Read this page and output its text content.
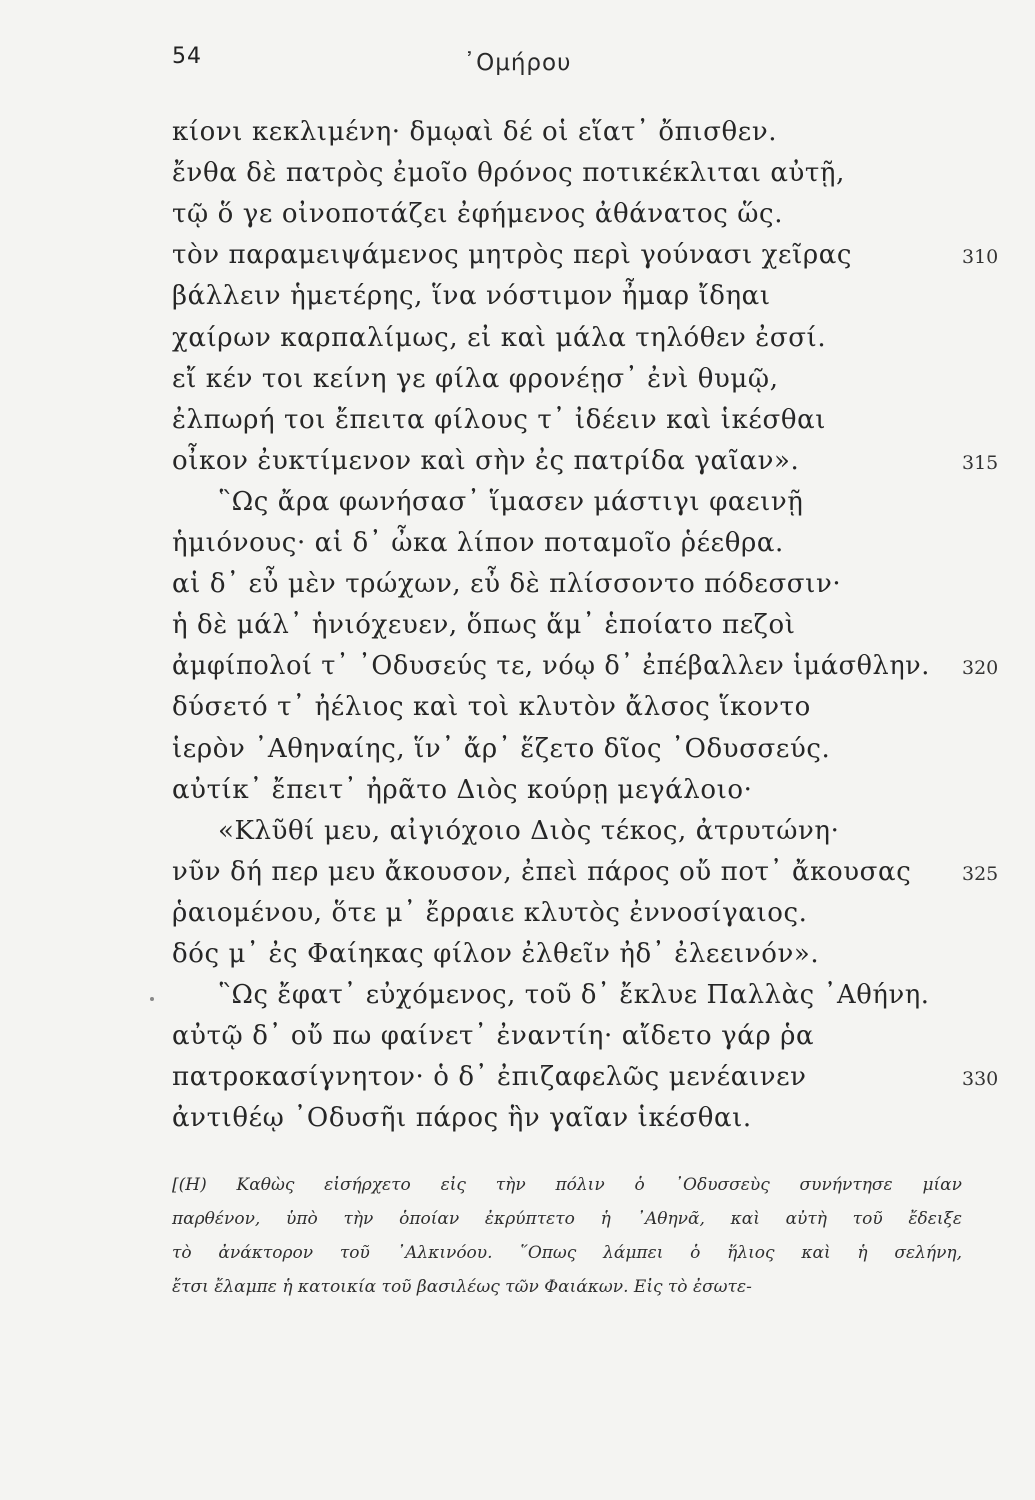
54	᾿Ομήρου
κίονι κεκλιμένη· δμῳαὶ δέ οἱ εἵατ᾿ ὄπισθεν.
ἔνθα δὲ πατρὸς ἐμοῖο θρόνος ποτικέκλιται αὐτῇ,
τῷ ὅ γε οἰνοποτάζει ἐφήμενος ἀθάνατος ὥς.
τὸν παραμειψάμενος μητρὸς περὶ γούνασι χεῖρας	310
βάλλειν ἡμετέρης, ἵνα νόστιμον ἦμαρ ἴδηαι
χαίρων καρπαλίμως, εἰ καὶ μάλα τηλόθεν ἐσσί.
εἴ κέν τοι κείνη γε φίλα φρονέῃσ᾿ ἐνὶ θυμῷ,
ἐλπωρή τοι ἔπειτα φίλους τ᾿ ἰδέειν καὶ ἱκέσθαι
οἶκον ἐυκτίμενον καὶ σὴν ἐς πατρίδα γαῖαν».	315
῝Ως ἄρα φωνήσασ᾿ ἵμασεν μάστιγι φαεινῇ
ἡμιόνους· αἱ δ᾿ ὦκα λίπον ποταμοῖο ῥέεθρα.
αἱ δ᾿ εὖ μὲν τρώχων, εὖ δὲ πλίσσοντο πόδεσσιν·
ἡ δὲ μάλ᾿ ἡνιόχευεν, ὅπως ἅμ᾿ ἑποίατο πεζοὶ
ἀμφίπολοί τ᾿ ᾿Οδυσεύς τε, νόῳ δ᾿ ἐπέβαλλεν ἱμάσθλην. 320
δύσετό τ᾿ ἠέλιος καὶ τοὶ κλυτὸν ἄλσος ἵκοντο
ἱερὸν ᾿Αθηναίης, ἵν᾿ ἄρ᾿ ἕζετο δῖος ᾿Οδυσσεύς.
αὐτίκ᾿ ἔπειτ᾿ ἠρᾶτο Διὸς κούρῃ μεγάλοιο·
«Κλῦθί μευ, αἰγιόχοιο Διὸς τέκος, ἀτρυτώνη·
νῦν δή περ μευ ἄκουσον, ἐπεὶ πάρος οὔ ποτ᾿ ἄκουσας	325
ῥαιομένου, ὅτε μ᾿ ἔρραιε κλυτὸς ἐννοσίγαιος.
δός μ᾿ ἐς Φαίηκας φίλον ἐλθεῖν ἠδ᾿ ἐλεεινόν».
῝Ως ἔφατ᾿ εὐχόμενος, τοῦ δ᾿ ἔκλυε Παλλὰς ᾿Αθήνη.
αὐτῷ δ᾿ οὔ πω φαίνετ᾿ ἐναντίη· αἴδετο γάρ ῥα
πατροκασίγνητον· ὁ δ᾿ ἐπιζαφελῶς μενέαινεν	330
ἀντιθέῳ ᾿Οδυσῆι πάρος ἣν γαῖαν ἱκέσθαι.
[(Η) Καθὼς εἰσήρχετο εἰς τὴν πόλιν ὁ ᾿Οδυσσεὺς συνήντησε μίαν
παρθένον, ὑπὸ τὴν ὁποίαν ἐκρύπτετο ἡ ᾿Αθηνᾶ, καὶ αὐτὴ τοῦ ἔδειξε
τὸ ἀνάκτορον τοῦ ᾿Αλκινόου. ῞Οπως λάμπει ὁ ἥλιος καὶ ἡ σελήνη,
ἔτσι ἔλαμπε ἡ κατοικία τοῦ βασιλέως τῶν Φαιάκων. Εἰς τὸ ἐσωτε-
